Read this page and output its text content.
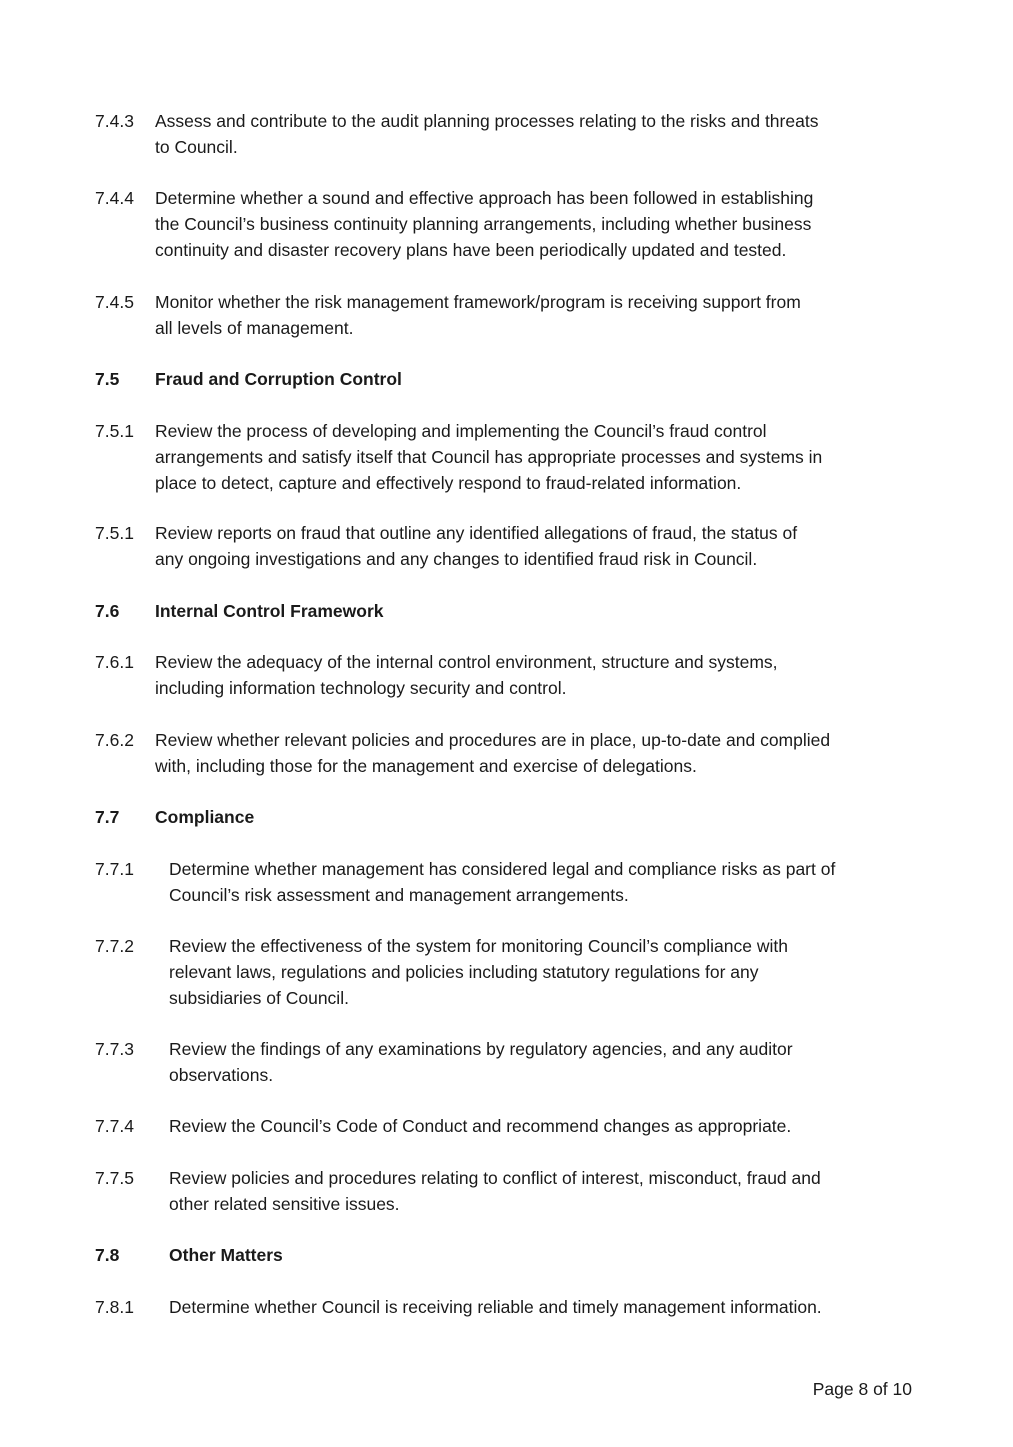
7.4.3 Assess and contribute to the audit planning processes relating to the risks and threats
to Council.
7.4.4 Determine whether a sound and effective approach has been followed in establishing
the Council’s business continuity planning arrangements, including whether business
continuity and disaster recovery plans have been periodically updated and tested.
7.4.5 Monitor whether the risk management framework/program is receiving support from
all levels of management.
7.5 Fraud and Corruption Control
7.5.1 Review the process of developing and implementing the Council’s fraud control
arrangements and satisfy itself that Council has appropriate processes and systems in
place to detect, capture and effectively respond to fraud-related information.
7.5.1 Review reports on fraud that outline any identified allegations of fraud, the status of
any ongoing investigations and any changes to identified fraud risk in Council.
7.6 Internal Control Framework
7.6.1 Review the adequacy of the internal control environment, structure and systems,
including information technology security and control.
7.6.2 Review whether relevant policies and procedures are in place, up-to-date and complied
with, including those for the management and exercise of delegations.
7.7 Compliance
7.7.1 Determine whether management has considered legal and compliance risks as part of
Council’s risk assessment and management arrangements.
7.7.2 Review the effectiveness of the system for monitoring Council’s compliance with
relevant laws, regulations and policies including statutory regulations for any
subsidiaries of Council.
7.7.3 Review the findings of any examinations by regulatory agencies, and any auditor
observations.
7.7.4 Review the Council’s Code of Conduct and recommend changes as appropriate.
7.7.5 Review policies and procedures relating to conflict of interest, misconduct, fraud and
other related sensitive issues.
7.8	Other Matters
7.8.1 Determine whether Council is receiving reliable and timely management information.
Page 8 of 10
